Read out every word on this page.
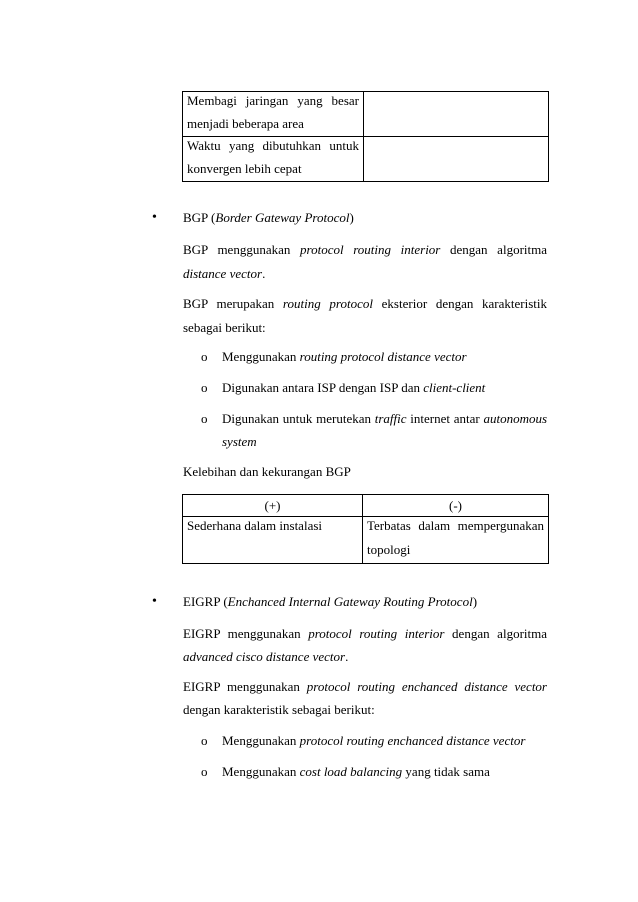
Membagi jaringan yang besar
menjadi beberapa area	

Waktu yang dibutuhkan untuk
konvergen lebih cepat	

• BGP (Border Gateway Protocol)
BGP menggunakan protocol routing interior dengan algoritma
distance vector.
BGP merupakan routing protocol eksterior dengan karakteristik
sebagai berikut:
o Menggunakan routing protocol distance vector
o Digunakan antara ISP dengan ISP dan client-client
o Digunakan untuk merutekan traffic internet antar autonomous
system
Kelebihan dan kekurangan BGP
(+)	(-)

Sederhana dalam instalasi	Terbatas dalam mempergunakan
topologi
• EIGRP (Enchanced Internal Gateway Routing Protocol)
EIGRP menggunakan protocol routing interior dengan algoritma
advanced cisco distance vector.
EIGRP menggunakan protocol routing enchanced distance vector
dengan karakteristik sebagai berikut:
o Menggunakan protocol routing enchanced distance vector
o Menggunakan cost load balancing yang tidak sama
